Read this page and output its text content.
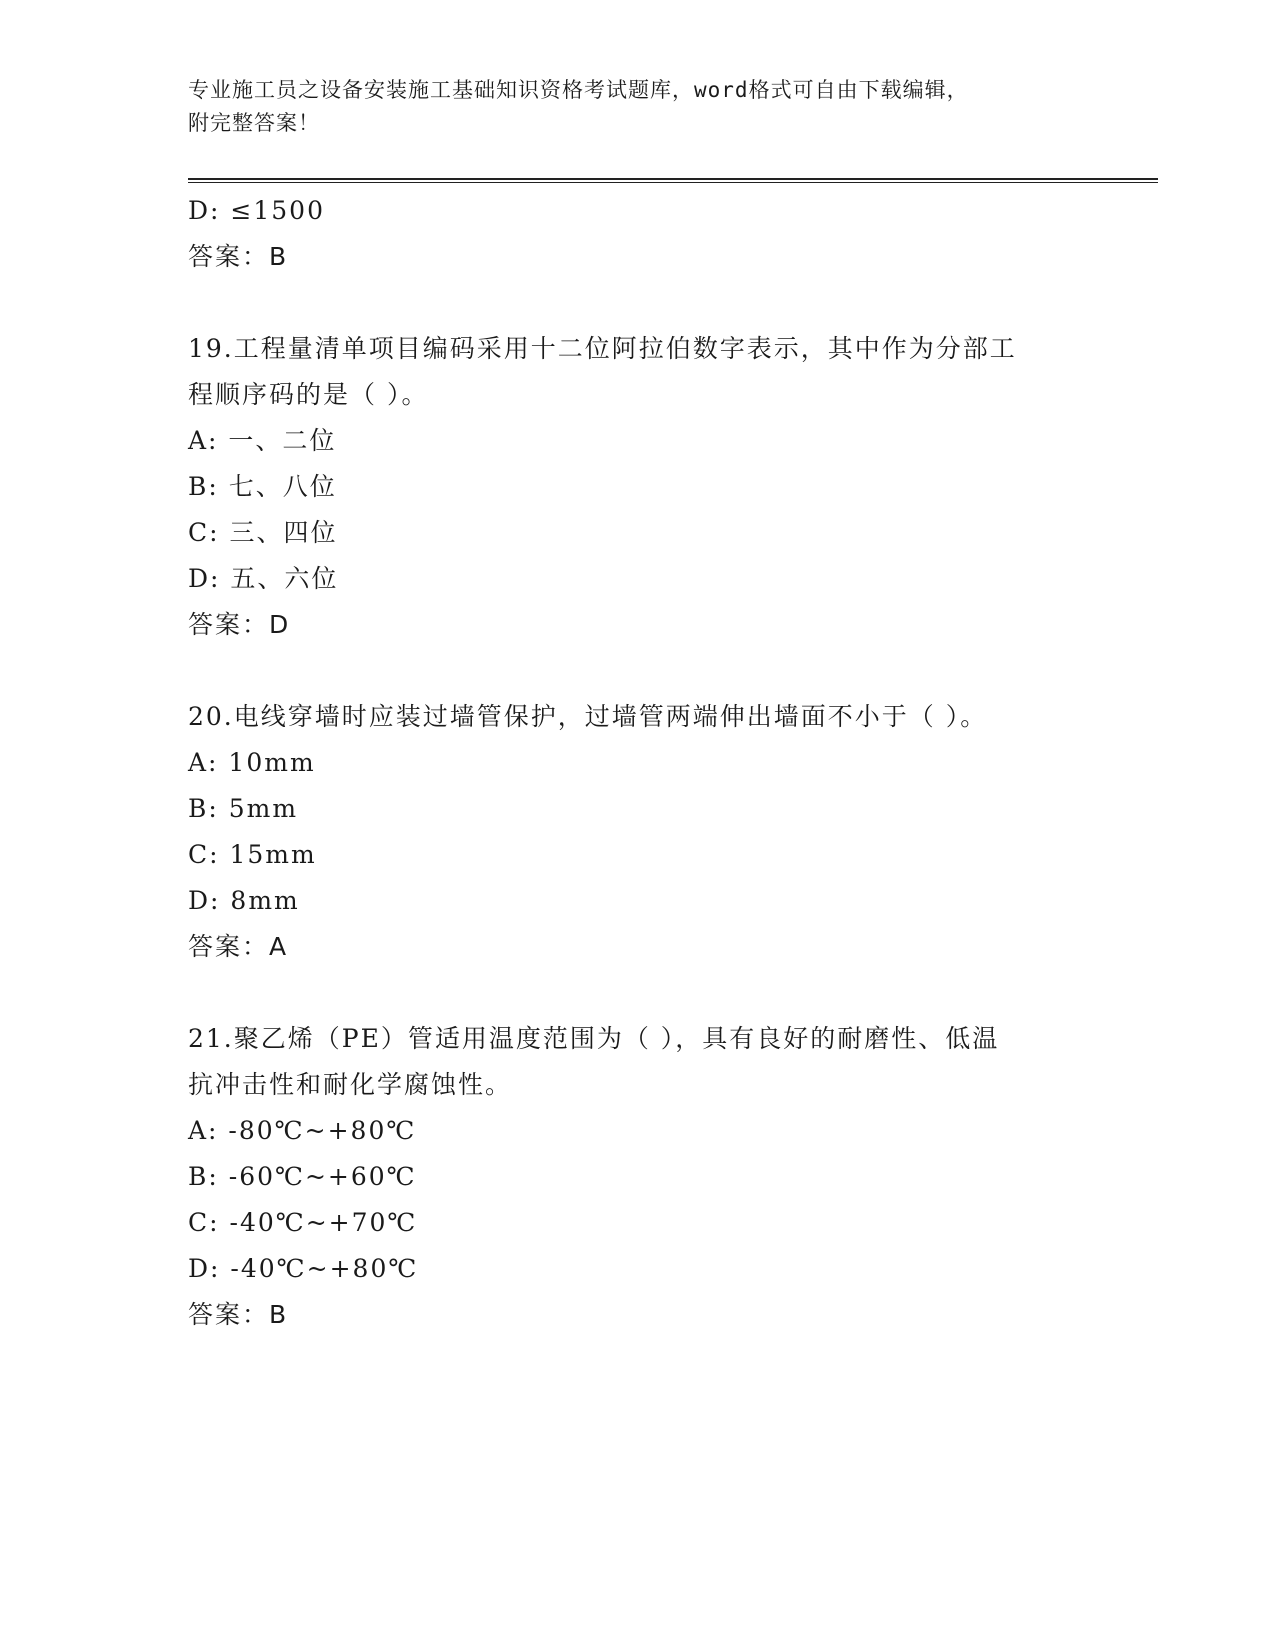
专业施工员之设备安装施工基础知识资格考试题库，word格式可自由下载编辑，
附完整答案！
D: ≤1500
答案：B
19.工程量清单项目编码采用十二位阿拉伯数字表示，其中作为分部工
程顺序码的是（ ）。
A: 一、二位
B: 七、八位
C: 三、四位
D: 五、六位
答案：D
20.电线穿墙时应装过墙管保护，过墙管两端伸出墙面不小于（ ）。
A: 10mm
B: 5mm
C: 15mm
D: 8mm
答案：A
21.聚乙烯（PE）管适用温度范围为（ ），具有良好的耐磨性、低温
抗冲击性和耐化学腐蚀性。
A: -80℃~+80℃
B: -60℃~+60℃
C: -40℃~+70℃
D: -40℃~+80℃
答案：B
